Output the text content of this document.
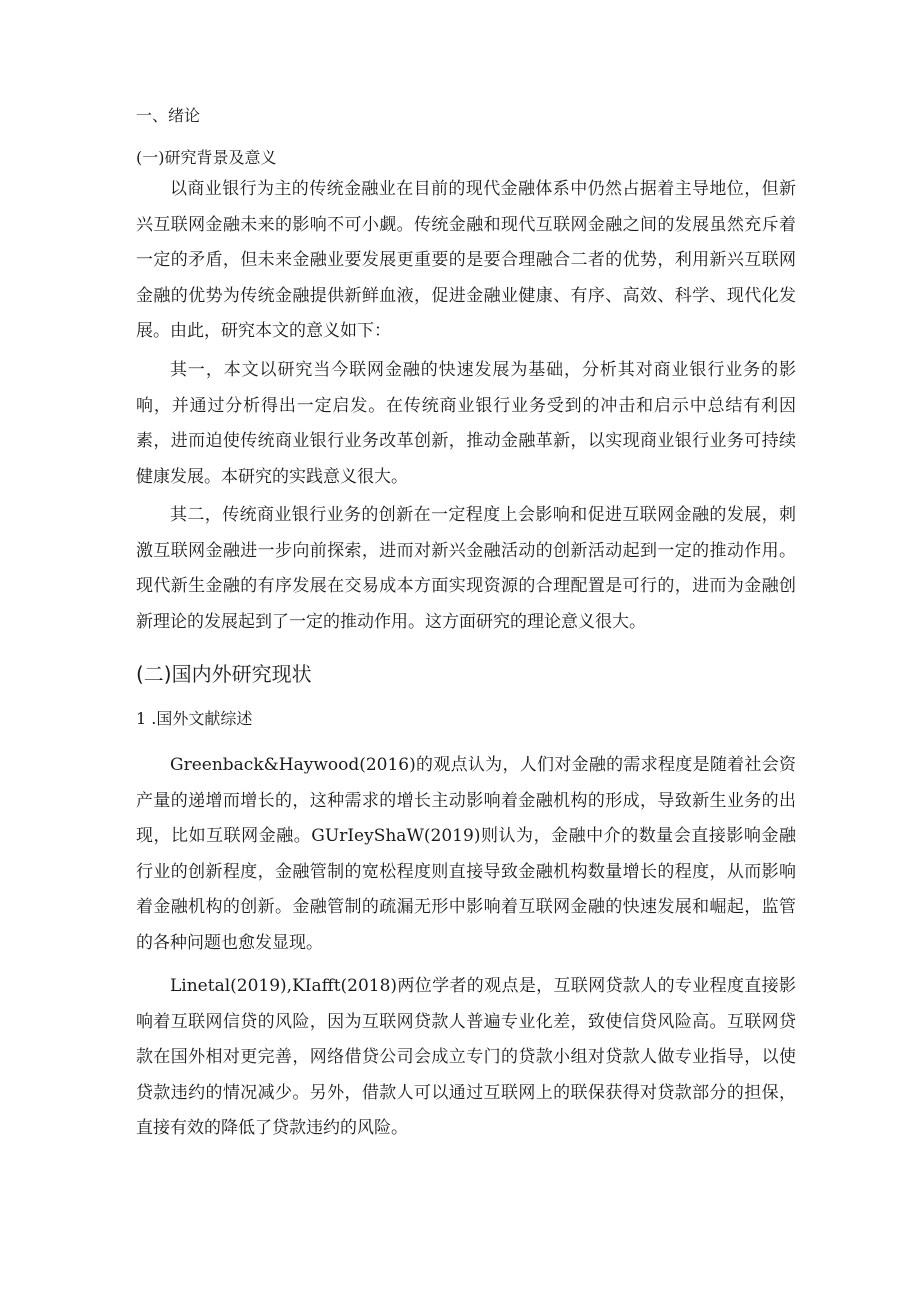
一、绪论
(一)研究背景及意义

以商业银行为主的传统金融业在目前的现代金融体系中仍然占据着主导地位，但新兴互联网金融未来的影响不可小觑。传统金融和现代互联网金融之间的发展虽然充斥着一定的矛盾，但未来金融业要发展更重要的是要合理融合二者的优势，利用新兴互联网金融的优势为传统金融提供新鲜血液，促进金融业健康、有序、高效、科学、现代化发展。由此，研究本文的意义如下：

其一，本文以研究当今联网金融的快速发展为基础，分析其对商业银行业务的影响，并通过分析得出一定启发。在传统商业银行业务受到的冲击和启示中总结有利因素，进而迫使传统商业银行业务改革创新，推动金融革新，以实现商业银行业务可持续健康发展。本研究的实践意义很大。

其二，传统商业银行业务的创新在一定程度上会影响和促进互联网金融的发展，刺激互联网金融进一步向前探索，进而对新兴金融活动的创新活动起到一定的推动作用。现代新生金融的有序发展在交易成本方面实现资源的合理配置是可行的，进而为金融创新理论的发展起到了一定的推动作用。这方面研究的理论意义很大。

(二)国内外研究现状
1 .国外文献综述

Greenback&Haywood(2016)的观点认为，人们对金融的需求程度是随着社会资产量的递增而增长的，这种需求的增长主动影响着金融机构的形成，导致新生业务的出现，比如互联网金融。GUrIeyShaW(2019)则认为，金融中介的数量会直接影响金融行业的创新程度，金融管制的宽松程度则直接导致金融机构数量增长的程度，从而影响着金融机构的创新。金融管制的疏漏无形中影响着互联网金融的快速发展和崛起，监管的各种问题也愈发显现。

Linetal(2019),KIafft(2018)两位学者的观点是，互联网贷款人的专业程度直接影响着互联网信贷的风险，因为互联网贷款人普遍专业化差，致使信贷风险高。互联网贷款在国外相对更完善，网络借贷公司会成立专门的贷款小组对贷款人做专业指导，以使贷款违约的情况减少。另外，借款人可以通过互联网上的联保获得对贷款部分的担保，直接有效的降低了贷款违约的风险。
